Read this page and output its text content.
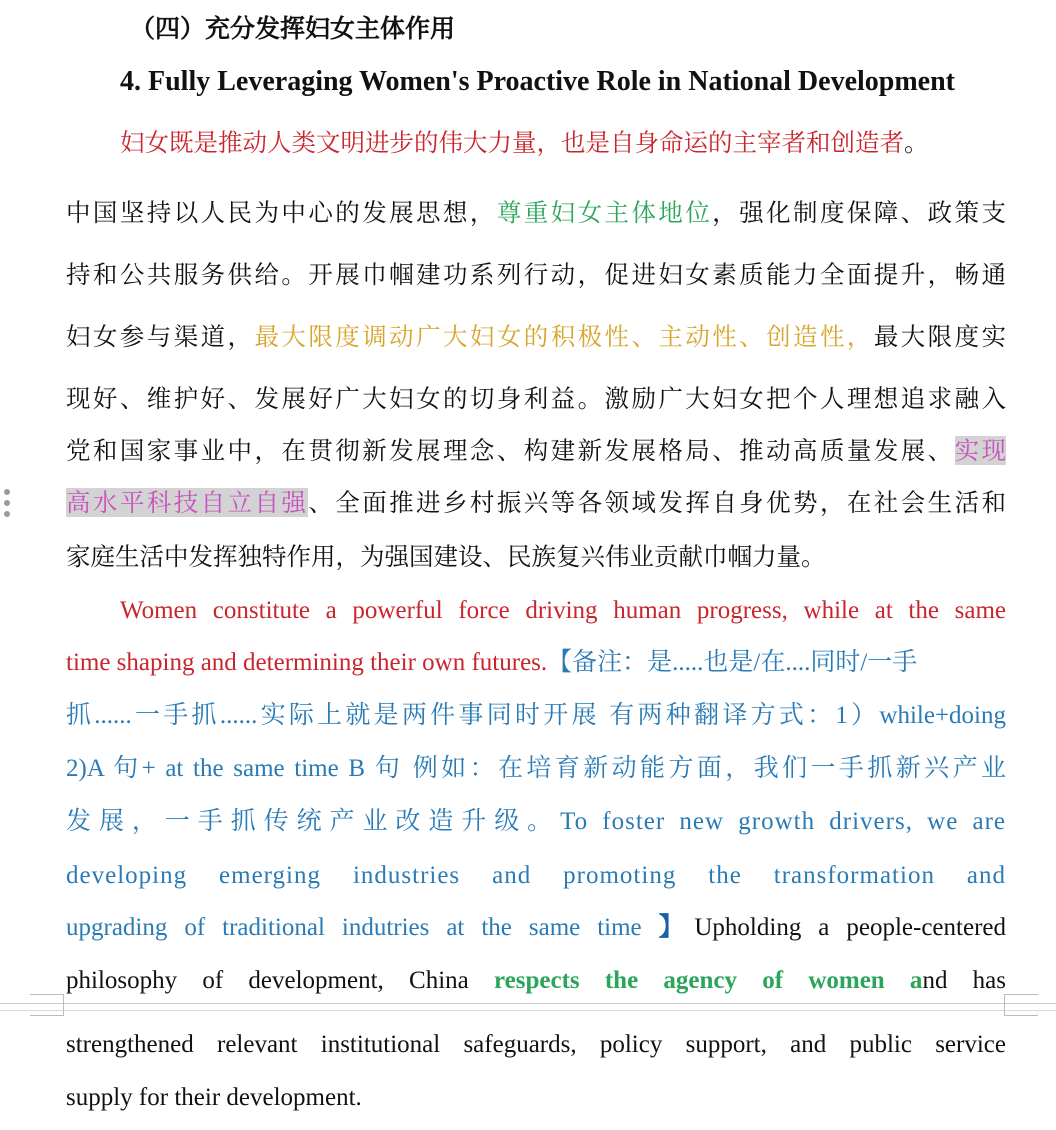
（四）充分发挥妇女主体作用
4. Fully Leveraging Women's Proactive Role in National Development
妇女既是推动人类文明进步的伟大力量，也是自身命运的主宰者和创造者。
中国坚持以人民为中心的发展思想，尊重妇女主体地位，强化制度保障、政策支
持和公共服务供给。开展巾帼建功系列行动，促进妇女素质能力全面提升，畅通
妇女参与渠道，最大限度调动广大妇女的积极性、主动性、创造性，最大限度实
现好、维护好、发展好广大妇女的切身利益。激励广大妇女把个人理想追求融入
党和国家事业中，在贯彻新发展理念、构建新发展格局、推动高质量发展、实现
高水平科技自立自强、全面推进乡村振兴等各领域发挥自身优势，在社会生活和
家庭生活中发挥独特作用，为强国建设、民族复兴伟业贡献巾帼力量。
Women constitute a powerful force driving human progress, while at the same
time shaping and determining their own futures.【备注：是.....也是/在....同时/一手
抓......一手抓......实际上就是两件事同时开展 有两种翻译方式：1）while+doing
2)A 句+ at the same time B 句 例如：在培育新动能方面，我们一手抓新兴产业
发展，一手抓传统产业改造升级。To foster new growth drivers, we are
developing emerging industries and promoting the transformation and
upgrading of traditional indutries at the same time 】Upholding a people-centered
philosophy of development, China respects the agency of women and has
strengthened relevant institutional safeguards, policy support, and public service
supply for their development.
